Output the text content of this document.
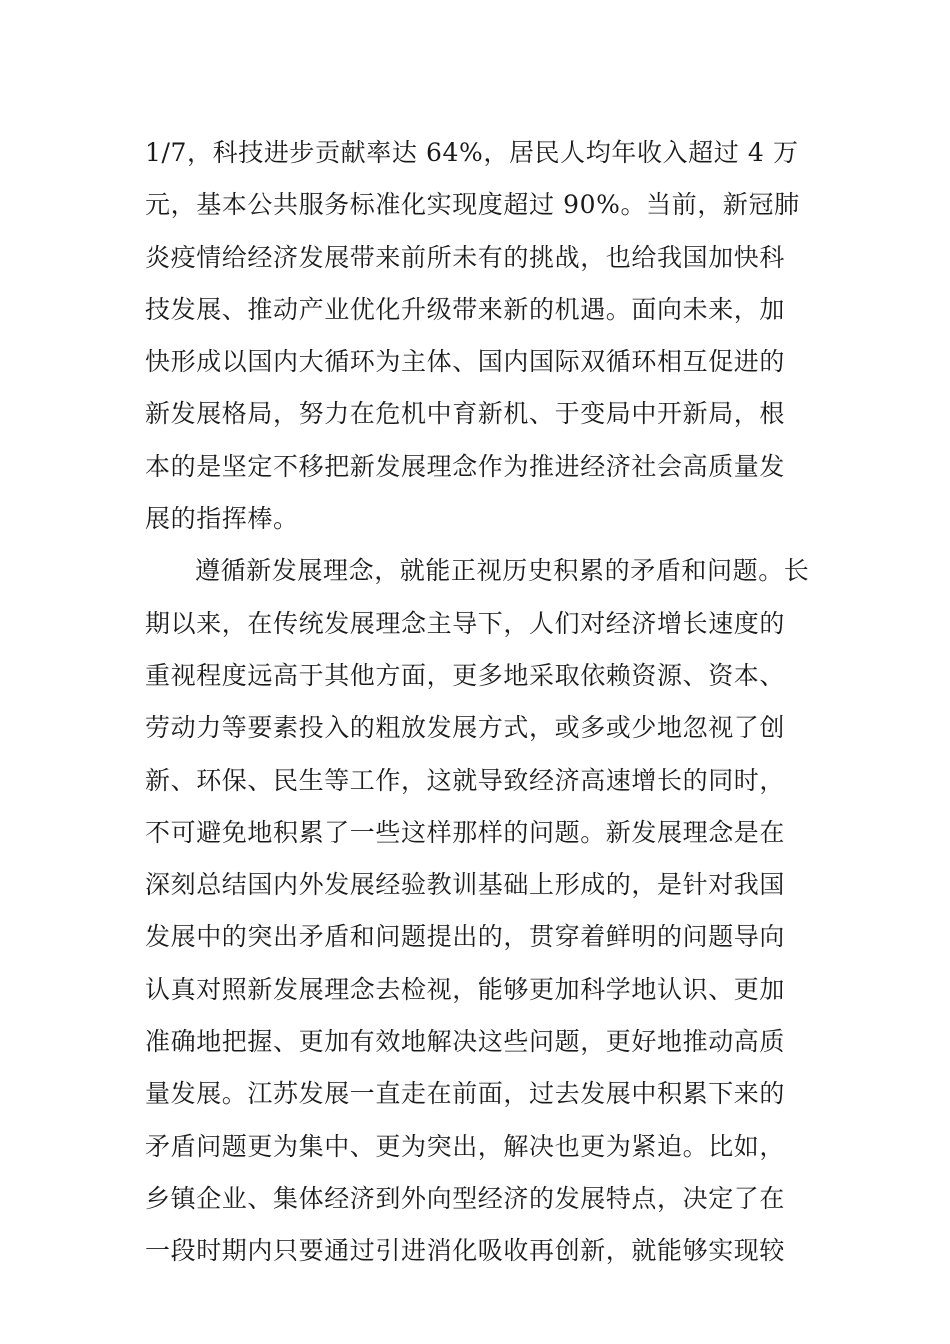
1/7，科技进步贡献率达 64%，居民人均年收入超过 4 万
元，基本公共服务标准化实现度超过 90%。当前，新冠肺
炎疫情给经济发展带来前所未有的挑战，也给我国加快科
技发展、推动产业优化升级带来新的机遇。面向未来，加
快形成以国内大循环为主体、国内国际双循环相互促进的
新发展格局，努力在危机中育新机、于变局中开新局，根
本的是坚定不移把新发展理念作为推进经济社会高质量发
展的指挥棒。
遵循新发展理念，就能正视历史积累的矛盾和问题。长
期以来，在传统发展理念主导下，人们对经济增长速度的
重视程度远高于其他方面，更多地采取依赖资源、资本、
劳动力等要素投入的粗放发展方式，或多或少地忽视了创
新、环保、民生等工作，这就导致经济高速增长的同时，
不可避免地积累了一些这样那样的问题。新发展理念是在
深刻总结国内外发展经验教训基础上形成的，是针对我国
发展中的突出矛盾和问题提出的，贯穿着鲜明的问题导向
认真对照新发展理念去检视，能够更加科学地认识、更加
准确地把握、更加有效地解决这些问题，更好地推动高质
量发展。江苏发展一直走在前面，过去发展中积累下来的
矛盾问题更为集中、更为突出，解决也更为紧迫。比如，
乡镇企业、集体经济到外向型经济的发展特点，决定了在
一段时期内只要通过引进消化吸收再创新，就能够实现较
